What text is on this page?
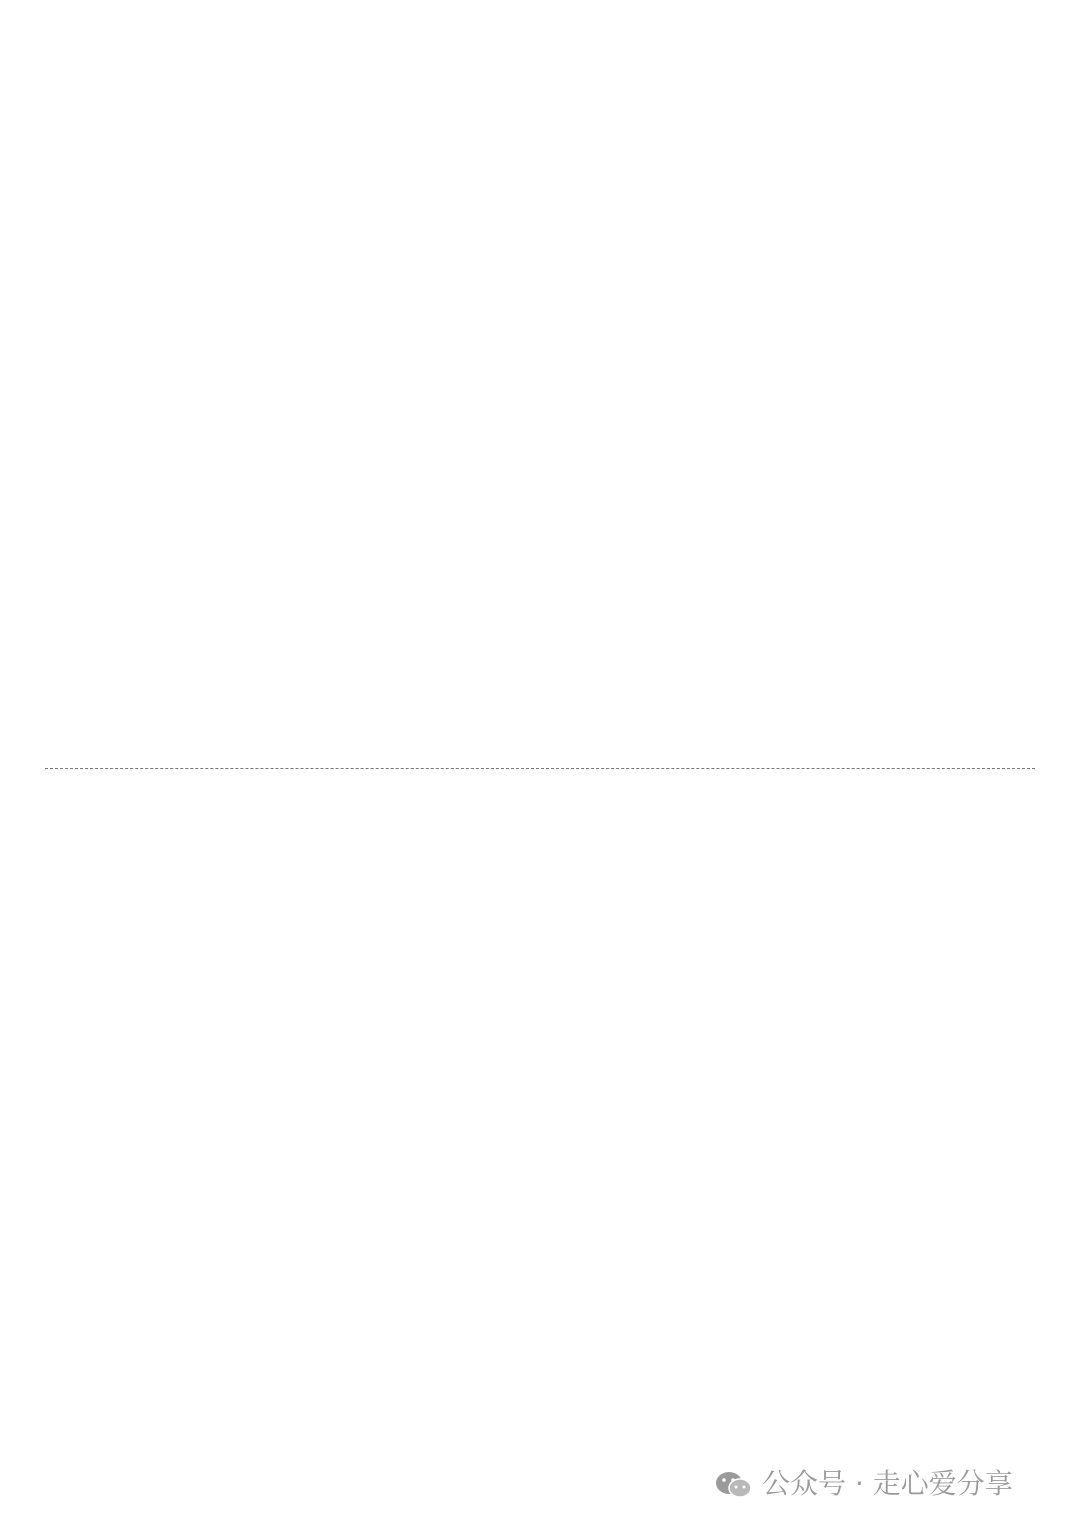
公众号 · 走心爱分享
